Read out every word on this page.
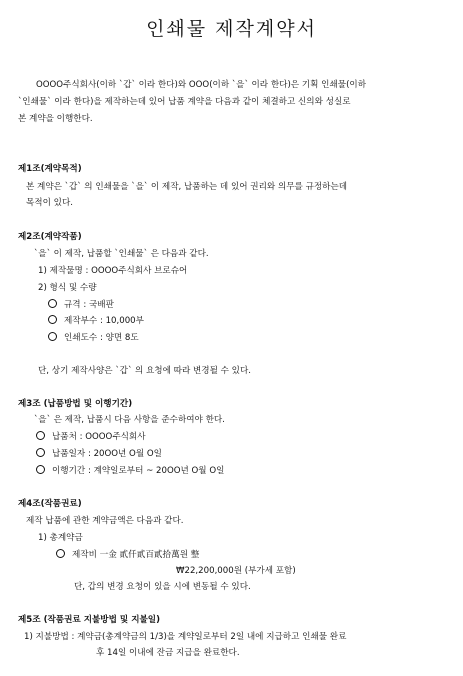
인쇄물 제작계약서
OOOO주식회사(이하 `갑` 이라 한다)와 OOO(이하 `을` 이라 한다)은 기획 인쇄물(이하
`인쇄물` 이라 한다)을 제작하는데 있어 납품 계약을 다음과 같이 체결하고 신의와 성실로
본 계약을 이행한다.
제1조(계약목적)
본 계약은 `갑` 의 인쇄물을 `을` 이 제작, 납품하는 데 있어 권리와 의무를 규정하는데
목적이 있다.
제2조(계약작품)
`을` 이 제작, 납품할 `인쇄물` 은 다음과 같다.
1) 제작물명 : OOOO주식회사 브로슈어
2) 형식 및 수량
규격 : 국배판
제작부수 : 10,000부
인쇄도수 : 양면 8도
단, 상기 제작사양은 `갑` 의 요청에 따라 변경될 수 있다.
제3조 (납품방법 및 이행기간)
`을` 은 제작, 납품시 다음 사항을 준수하여야 한다.
납품처 : OOOO주식회사
납품일자 : 20OO년 O월 O일
이행기간 : 계약일로부터 ~ 20OO년 O월 O일
제4조(작품권료)
제작 납품에 관한 계약금액은 다음과 같다.
1) 총계약금
제작비 一金 貳仟貳百貳拾萬원 整
₩22,200,000원 (부가세 포함)
단, 갑의 변경 요청이 있을 시에 변동될 수 있다.
제5조 (작품권료 지불방법 및 지불일)
1) 지불방법 : 계약금(총계약금의 1/3)을 계약일로부터 2일 내에 지급하고 인쇄물 완료
후 14일 이내에 잔금 지급을 완료한다.
